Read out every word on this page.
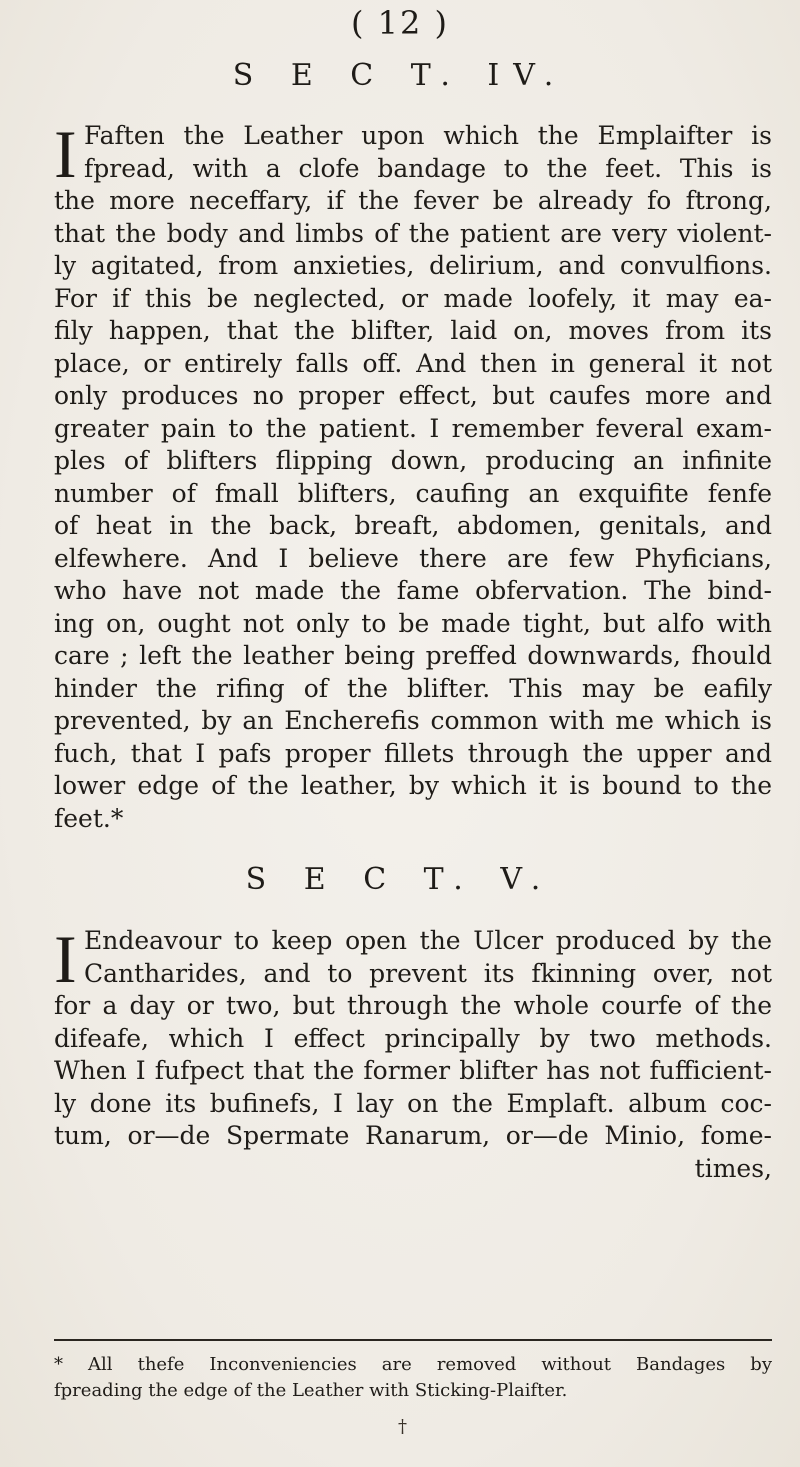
( 12 )
S E C T. IV.
I Faften the Leather upon which the Emplaifter is
fpread, with a clofe bandage to the feet. This is
the more neceffary, if the fever be already fo ftrong,
that the body and limbs of the patient are very violent-
ly agitated, from anxieties, delirium, and convulfions.
For if this be neglected, or made loofely, it may ea-
fily happen, that the blifter, laid on, moves from its
place, or entirely falls off. And then in general it not
only produces no proper effect, but caufes more and
greater pain to the patient. I remember feveral exam-
ples of blifters flipping down, producing an infinite
number of fmall blifters, caufing an exquifite fenfe
of heat in the back, breaft, abdomen, genitals, and
elfewhere. And I believe there are few Phyficians,
who have not made the fame obfervation. The bind-
ing on, ought not only to be made tight, but alfo with
care ; left the leather being preffed downwards, fhould
hinder the rifing of the blifter. This may be eafily
prevented, by an Encherefis common with me which is
fuch, that I pafs proper fillets through the upper and
lower edge of the leather, by which it is bound to the
feet.*
S E C T. V.
I Endeavour to keep open the Ulcer produced by the
Cantharides, and to prevent its fkinning over, not
for a day or two, but through the whole courfe of the
difeafe, which I effect principally by two methods.
When I fufpect that the former blifter has not fufficient-
ly done its bufinefs, I lay on the Emplaft. album coc-
tum, or—de Spermate Ranarum, or—de Minio, fome-
times,
* All thefe Inconveniencies are removed without Bandages by
fpreading the edge of the Leather with Sticking-Plaifter.
†
